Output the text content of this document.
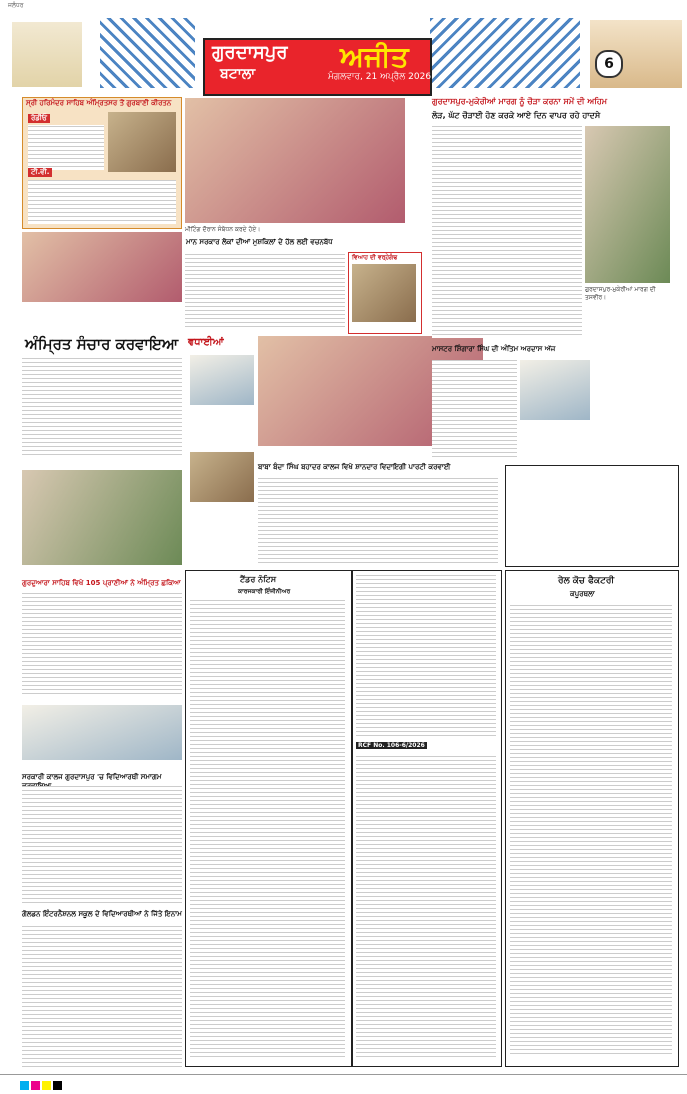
ਜਲੰਧਰ
ਗੁਰਦਾਸਪੁਰ
ਬਟਾਲਾ
ਅਜੀਤ
ਮੰਗਲਵਾਰ, 21 ਅਪ੍ਰੈਲ 2026
6
ਸ੍ਰੀ ਹਰਿਮੰਦਰ ਸਾਹਿਬ ਅੰਮ੍ਰਿਤਸਰ ਤੋਂ ਗੁਰਬਾਣੀ ਕੀਰਤਨ
ਰੇਡੀਓ
ਟੀ.ਵੀ.
ਅੰਮ੍ਰਿਤ ਸੰਚਾਰ ਕਰਵਾਇਆ
ਗੁਰਦੁਆਰਾ ਸਾਹਿਬ ਵਿਖੇ 105 ਪ੍ਰਾਣੀਆਂ ਨੇ ਅੰਮ੍ਰਿਤ ਛਕਿਆ
ਸਰਕਾਰੀ ਕਾਲਜ ਗੁਰਦਾਸਪੁਰ 'ਚ ਵਿਦਿਆਰਥੀ ਸਮਾਗਮ
ਗੋਲਡਨ ਇੰਟਰਨੈਸ਼ਨਲ ਸਕੂਲ ਦੇ ਵਿਦਿਆਰਥੀਆਂ ਨੇ ਜਿੱਤੇ ਇਨਾਮ
ਮੀਟਿੰਗ ਦੌਰਾਨ ਸੰਬੋਧਨ ਕਰਦੇ ਹੋਏ।
ਮਾਨ ਸਰਕਾਰ ਲੋਕਾਂ ਦੀਆਂ ਮੁਸ਼ਕਿਲਾਂ ਦੇ ਹੱਲ ਲਈ ਵਚਨਬੱਧ
ਵਿਆਹ ਦੀ ਵਰ੍ਹੇਗੰਢ
ਵਧਾਈਆਂ
ਬਾਬਾ ਬੰਦਾ ਸਿੰਘ ਬਹਾਦਰ ਕਾਲਜ ਵਿਖੇ ਸ਼ਾਨਦਾਰ ਵਿਦਾਇਗੀ ਪਾਰਟੀ ਕਰਵਾਈ
ਗੁਰਦਾਸਪੁਰ-ਮੁਕੇਰੀਆਂ ਮਾਰਗ ਨੂੰ ਚੌੜਾ ਕਰਨਾ ਸਮੇਂ ਦੀ ਅਹਿਮ
ਲੋੜ, ਘੱਟ ਚੌੜਾਈ ਹੋਣ ਕਰਕੇ ਆਏ ਦਿਨ ਵਾਪਰ ਰਹੇ ਹਾਦਸੇ
ਗੁਰਦਾਸਪੁਰ-ਮੁਕੇਰੀਆਂ ਮਾਰਗ ਦੀ ਤਸਵੀਰ।
ਮਾਸਟਰ ਸ਼ਿੰਗਾਰਾ ਸਿੰਘ ਦੀ ਅੰਤਿਮ ਅਰਦਾਸ ਅੱਜ
ਟੈਂਡਰ ਨੋਟਿਸ
ਕਾਰਜਕਾਰੀ ਇੰਜੀਨੀਅਰ
RCF No. 106-6/2026
ਰੇਲ ਕੋਚ ਫੈਕਟਰੀ
ਕਪੂਰਥਲਾ
